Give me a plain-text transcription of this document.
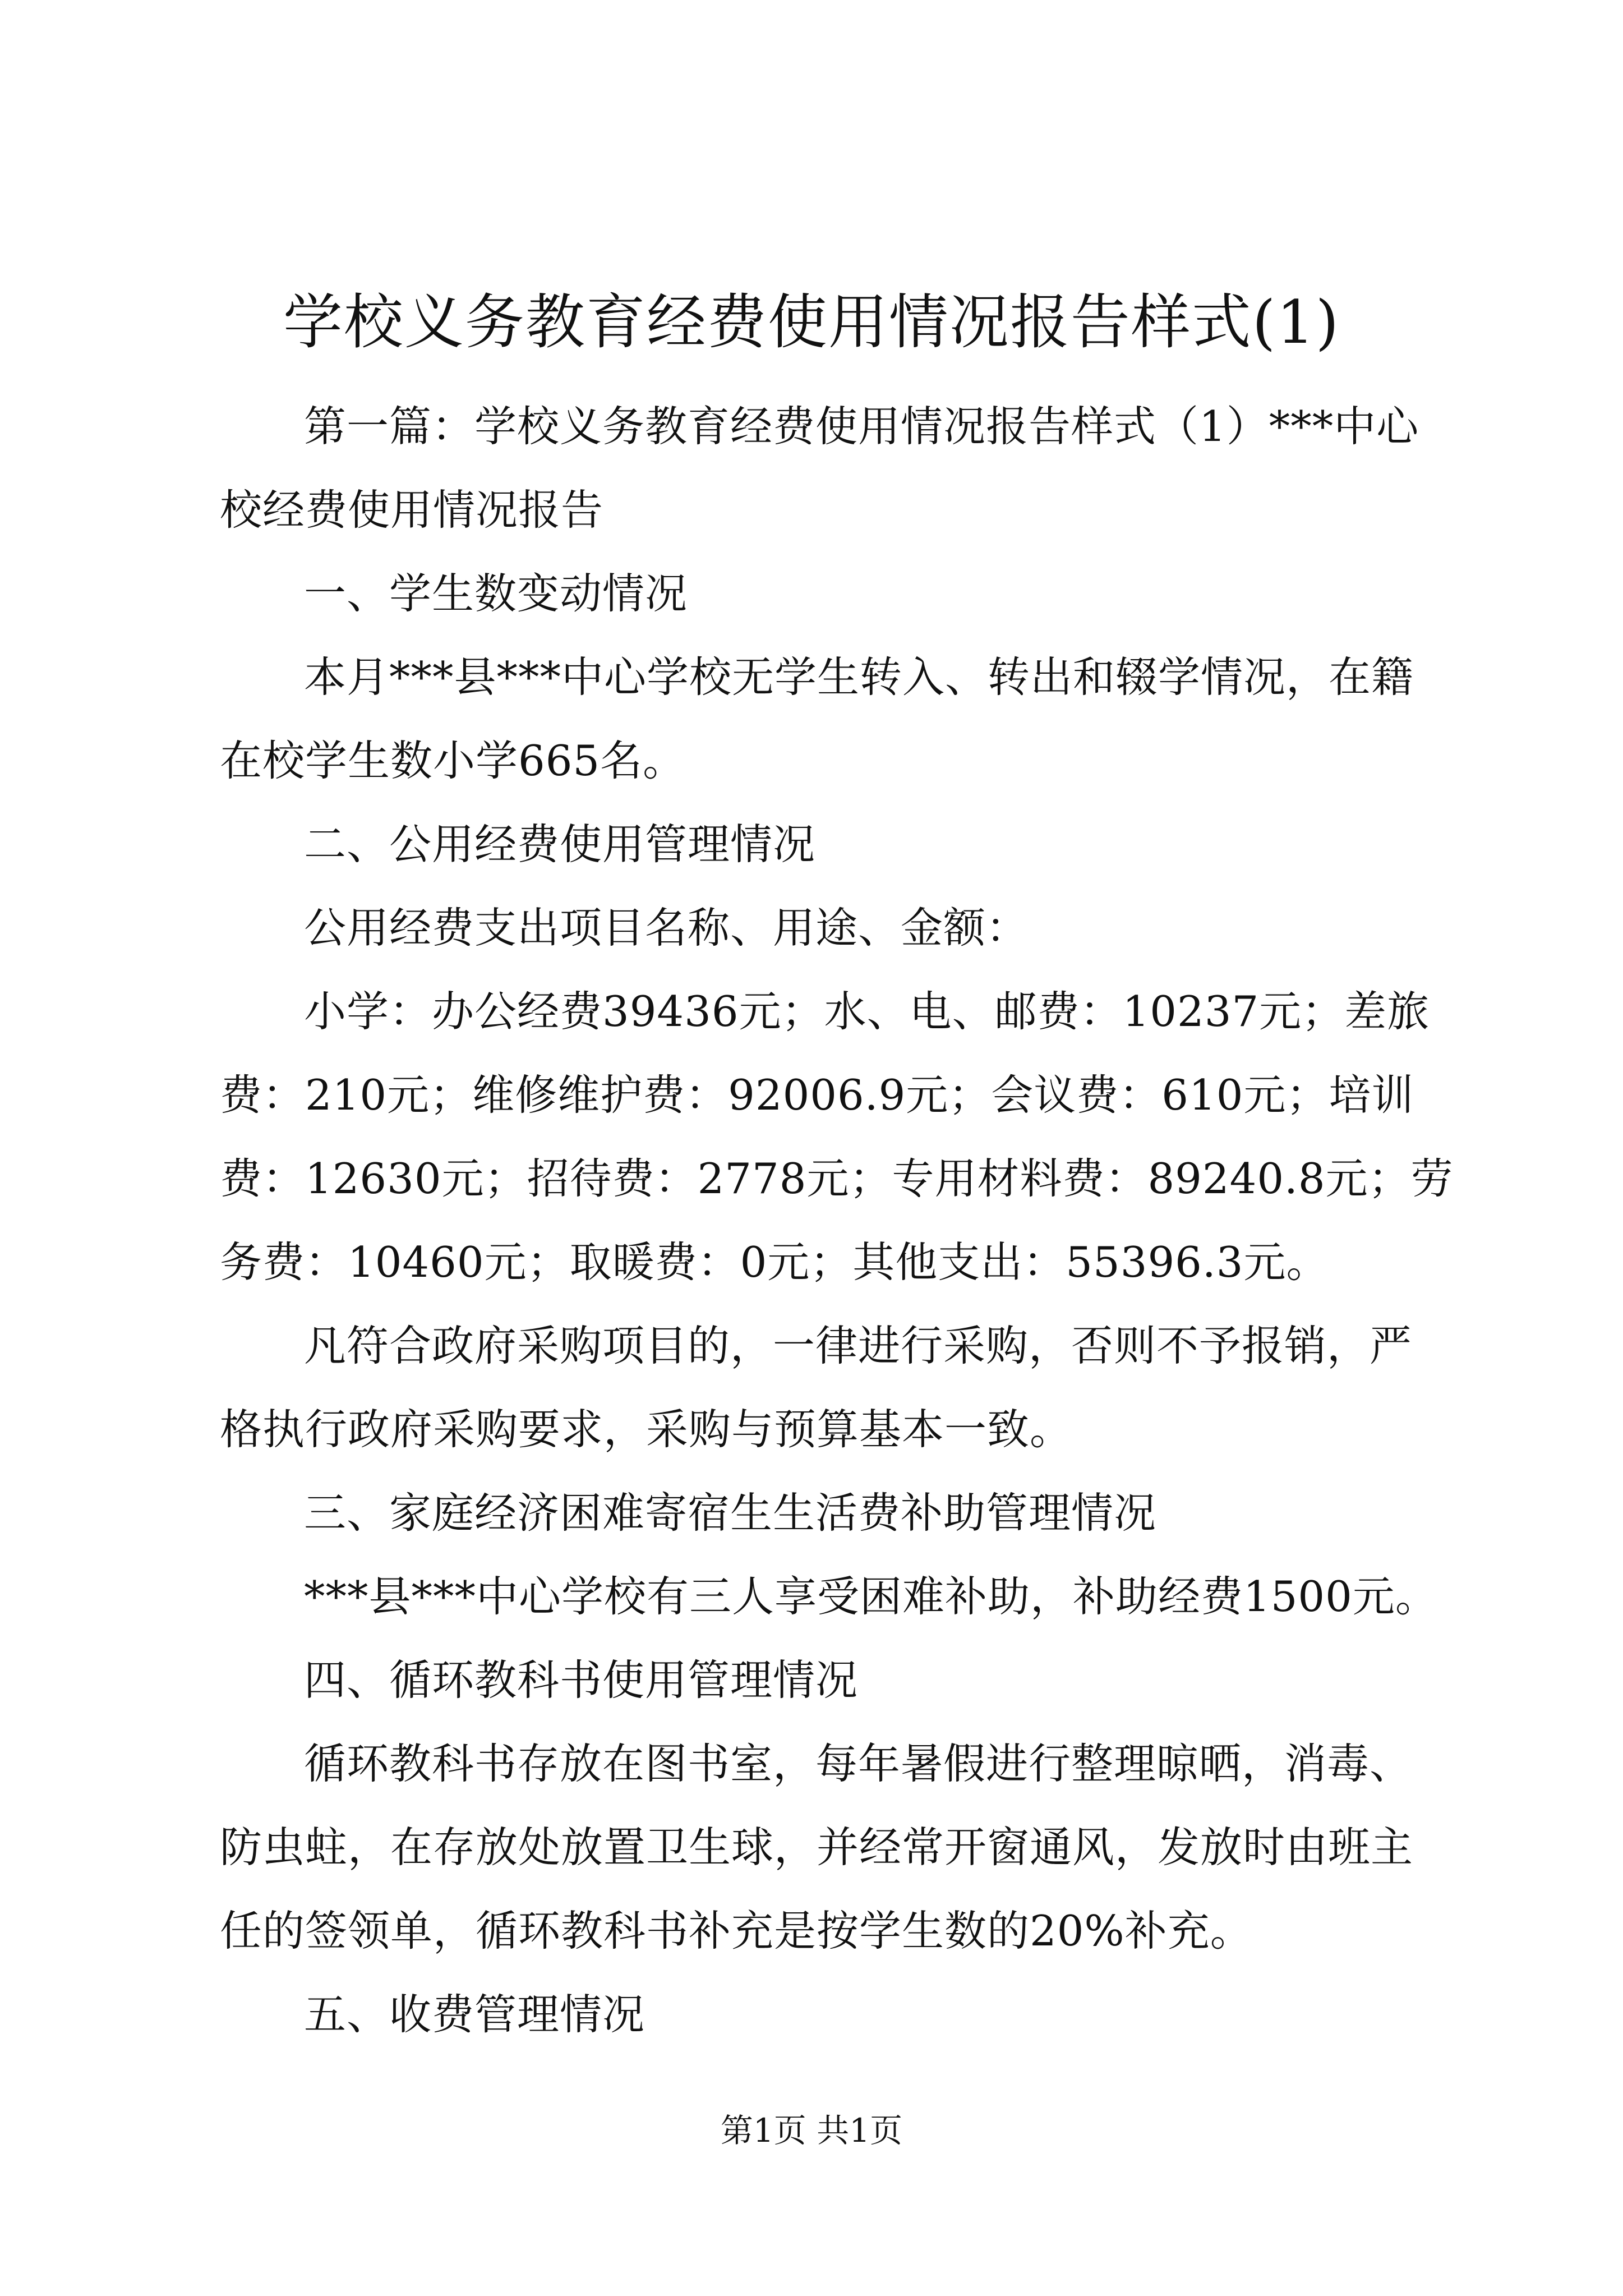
学校义务教育经费使用情况报告样式(1)
第一篇：学校义务教育经费使用情况报告样式（1）***中心
校经费使用情况报告
一、学生数变动情况
本月***县***中心学校无学生转入、转出和辍学情况，在籍
在校学生数小学665名。
二、公用经费使用管理情况
公用经费支出项目名称、用途、金额：
小学：办公经费39436元；水、电、邮费：10237元；差旅
费：210元；维修维护费：92006.9元；会议费：610元；培训
费：12630元；招待费：2778元；专用材料费：89240.8元；劳
务费：10460元；取暖费：0元；其他支出：55396.3元。
凡符合政府采购项目的，一律进行采购，否则不予报销，严
格执行政府采购要求，采购与预算基本一致。
三、家庭经济困难寄宿生生活费补助管理情况
***县***中心学校有三人享受困难补助，补助经费1500元。
四、循环教科书使用管理情况
循环教科书存放在图书室，每年暑假进行整理晾晒，消毒、
防虫蛀，在存放处放置卫生球，并经常开窗通风，发放时由班主
任的签领单，循环教科书补充是按学生数的20%补充。
五、收费管理情况
第1页 共1页
